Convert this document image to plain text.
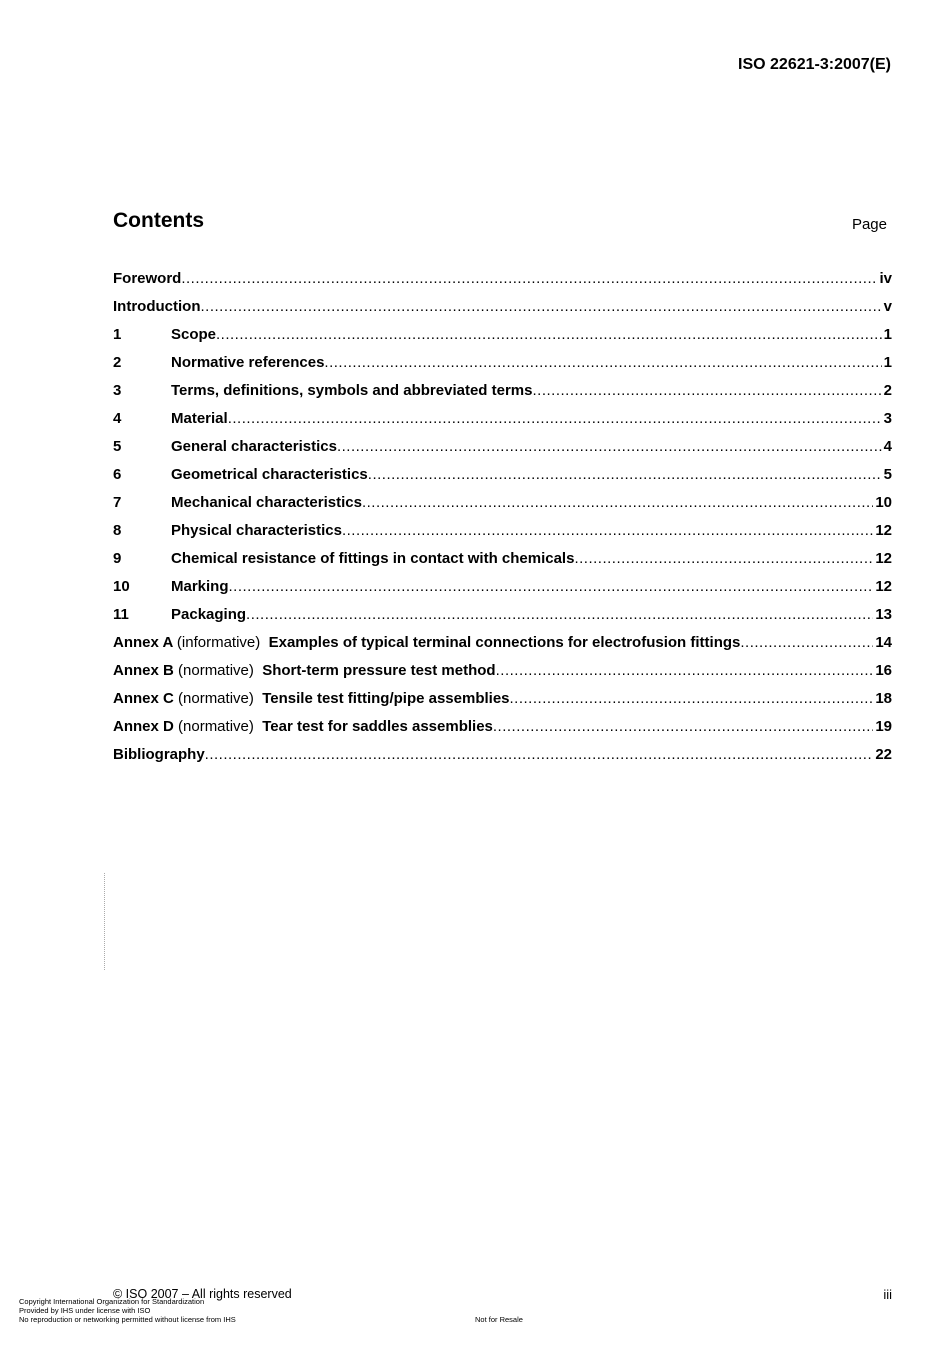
ISO 22621-3:2007(E)
Contents	Page
Foreword .....	iv
Introduction .....	v
1	Scope .....	1
2	Normative references .....	1
3	Terms, definitions, symbols and abbreviated terms .....	2
4	Material .....	3
5	General characteristics .....	4
6	Geometrical characteristics .....	5
7	Mechanical characteristics .....	10
8	Physical characteristics .....	12
9	Chemical resistance of fittings in contact with chemicals .....	12
10	Marking .....	12
11	Packaging .....	13
Annex A (informative) Examples of typical terminal connections for electrofusion fittings .....	14
Annex B (normative) Short-term pressure test method .....	16
Annex C (normative) Tensile test fitting/pipe assemblies .....	18
Annex D (normative) Tear test for saddles assemblies .....	19
Bibliography .....	22
© ISO 2007 – All rights reserved	iii
Copyright International Organization for Standardization
Provided by IHS under license with ISO
No reproduction or networking permitted without license from IHS	Not for Resale
